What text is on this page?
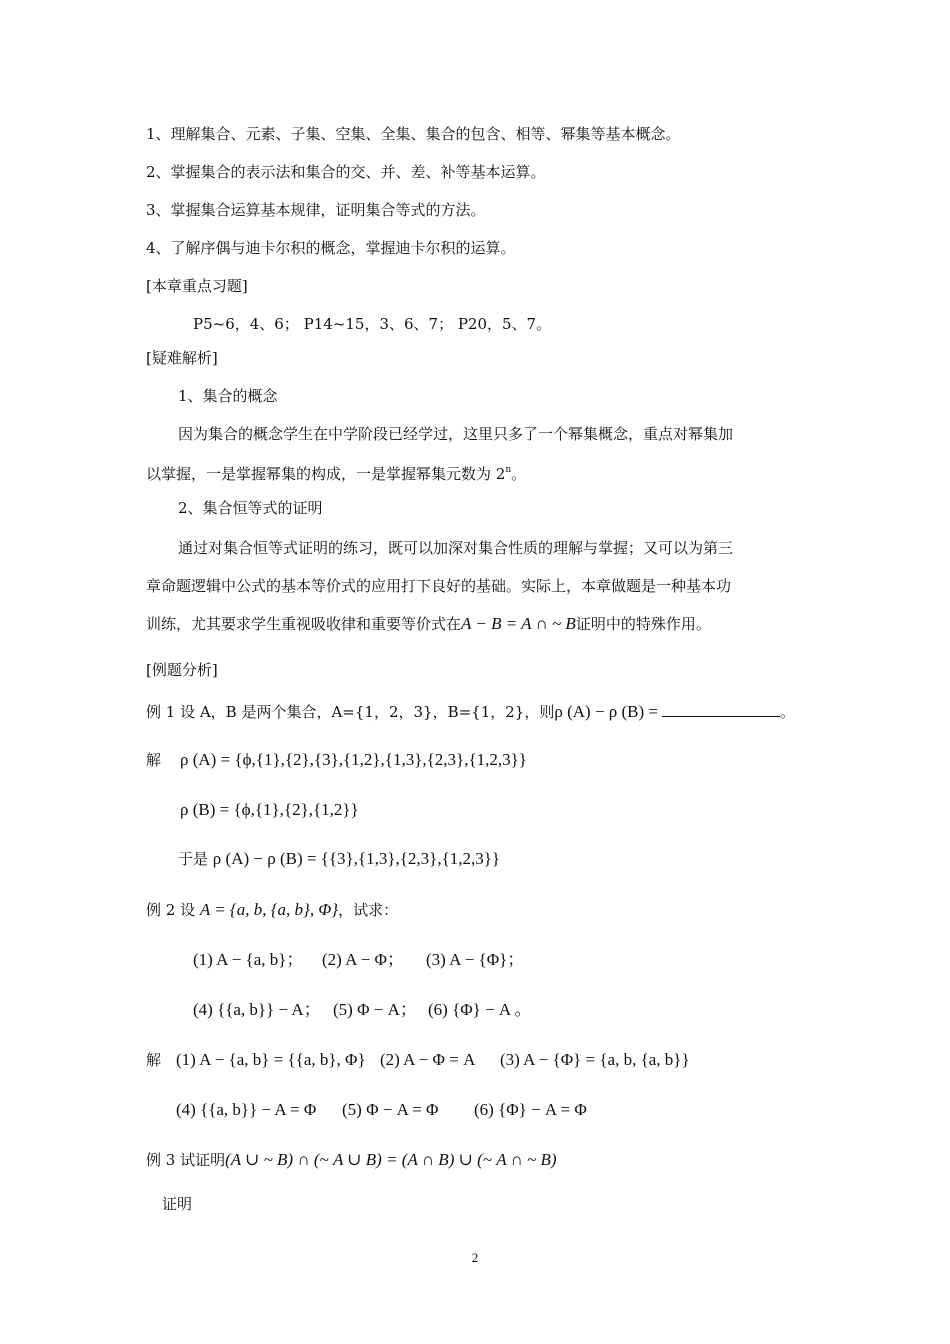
1、理解集合、元素、子集、空集、全集、集合的包含、相等、幂集等基本概念。
2、掌握集合的表示法和集合的交、并、差、补等基本运算。
3、掌握集合运算基本规律，证明集合等式的方法。
4、了解序偶与迪卡尔积的概念，掌握迪卡尔积的运算。
[本章重点习题]
P5~6，4、6； P14~15，3、6、7； P20，5、7。
[疑难解析]
1、集合的概念
因为集合的概念学生在中学阶段已经学过，这里只多了一个幂集概念，重点对幂集加
以掌握，一是掌握幂集的构成，一是掌握幂集元数为 2$^n$。
2、集合恒等式的证明
通过对集合恒等式证明的练习，既可以加深对集合性质的理解与掌握；又可以为第三
章命题逻辑中公式的基本等价式的应用打下良好的基础。实际上，本章做题是一种基本功
训练，尤其要求学生重视吸收律和重要等价式在A − B = A ∩ ~ B证明中的特殊作用。
[例题分析]
例 1 设 A，B 是两个集合，A={1，2，3}，B={1，2}，则ρ (A) − ρ (B) =	。
解 ρ (A) = {ϕ,{1},{2},{3},{1,2},{1,3},{2,3},{1,2,3}}
ρ (B) = {ϕ,{1},{2},{1,2}}
于是 ρ (A) − ρ (B) = {{3},{1,3},{2,3},{1,2,3}}
例 2 设 A = {a, b, {a, b}, Φ}，试求：
(1) A − {a, b}； (2) A − Φ； (3) A − {Φ}；
(4) {{a, b}} − A； (5) Φ − A； (6) {Φ} − A 。
解 (1) A − {a, b} = {{a, b}, Φ} (2) A − Φ = A (3) A − {Φ} = {a, b, {a, b}}
(4) {{a, b}} − A = Φ (5) Φ − A = Φ (6) {Φ} − A = Φ
例 3 试证明(A ∪ ~ B) ∩ (~ A ∪ B) = (A ∩ B) ∪ (~ A ∩ ~ B)
证明
2
